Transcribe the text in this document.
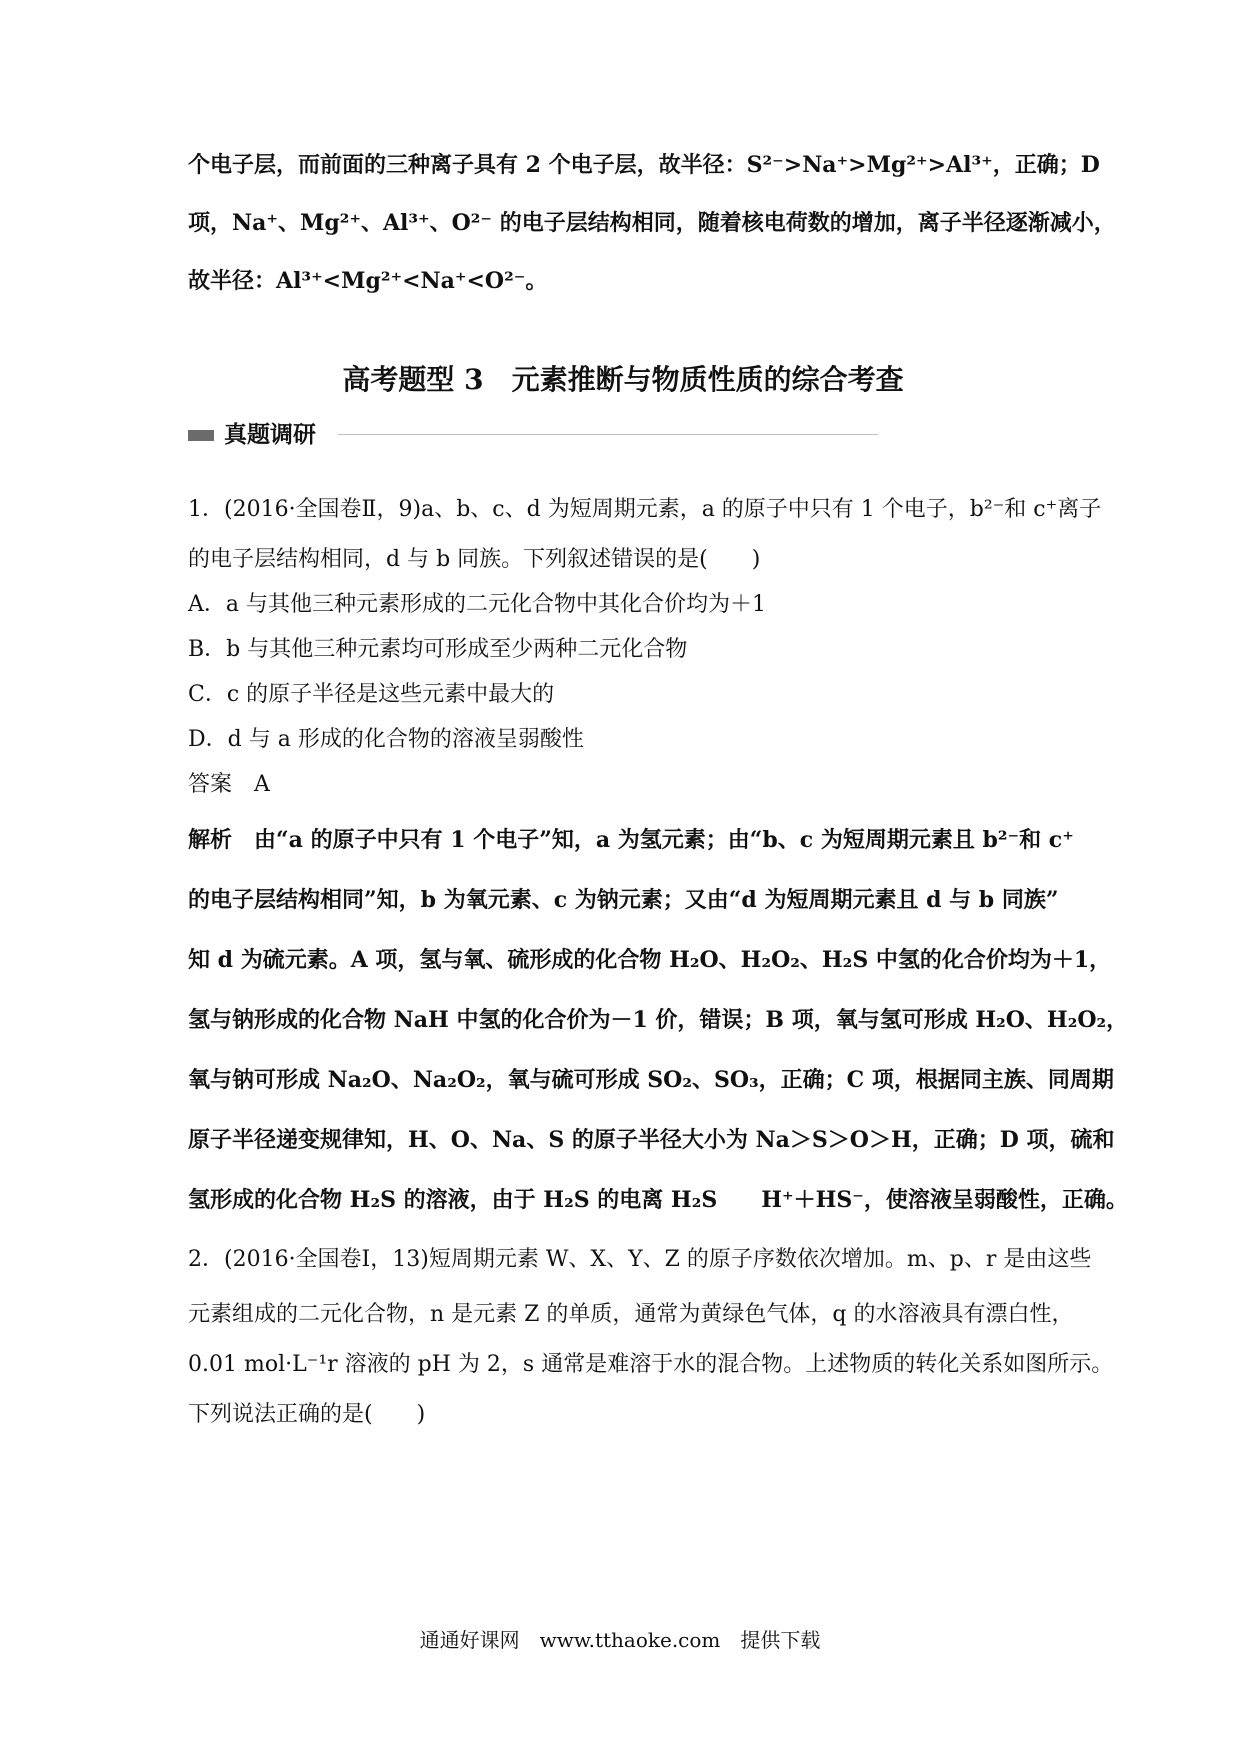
个电子层，而前面的三种离子具有 2 个电子层，故半径：S²⁻>Na⁺>Mg²⁺>Al³⁺，正确；D

项，Na⁺、Mg²⁺、Al³⁺、O²⁻ 的电子层结构相同，随着核电荷数的增加，离子半径逐渐减小，

故半径：Al³⁺<Mg²⁺<Na⁺<O²⁻。

高考题型 3　元素推断与物质性质的综合考查
真题调研

1．(2016·全国卷Ⅱ，9)a、b、c、d 为短周期元素，a 的原子中只有 1 个电子，b²⁻和 c⁺离子

的电子层结构相同，d 与 b 同族。下列叙述错误的是(　　)

A．a 与其他三种元素形成的二元化合物中其化合价均为＋1

B．b 与其他三种元素均可形成至少两种二元化合物

C．c 的原子半径是这些元素中最大的

D．d 与 a 形成的化合物的溶液呈弱酸性

答案　A

解析　由“a 的原子中只有 1 个电子”知，a 为氢元素；由“b、c 为短周期元素且 b²⁻和 c⁺

的电子层结构相同”知，b 为氧元素、c 为钠元素；又由“d 为短周期元素且 d 与 b 同族”

知 d 为硫元素。A 项，氢与氧、硫形成的化合物 H₂O、H₂O₂、H₂S 中氢的化合价均为＋1，

氢与钠形成的化合物 NaH 中氢的化合价为－1 价，错误；B 项，氧与氢可形成 H₂O、H₂O₂，

氧与钠可形成 Na₂O、Na₂O₂，氧与硫可形成 SO₂、SO₃，正确；C 项，根据同主族、同周期

原子半径递变规律知，H、O、Na、S 的原子半径大小为 Na＞S＞O＞H，正确；D 项，硫和

氢形成的化合物 H₂S 的溶液，由于 H₂S 的电离 H₂S　　H⁺＋HS⁻，使溶液呈弱酸性，正确。

2．(2016·全国卷Ⅰ，13)短周期元素 W、X、Y、Z 的原子序数依次增加。m、p、r 是由这些

元素组成的二元化合物，n 是元素 Z 的单质，通常为黄绿色气体，q 的水溶液具有漂白性，

0.01 mol·L⁻¹r 溶液的 pH 为 2，s 通常是难溶于水的混合物。上述物质的转化关系如图所示。

下列说法正确的是(　　)

通通好课网　www.tthaoke.com　提供下载
